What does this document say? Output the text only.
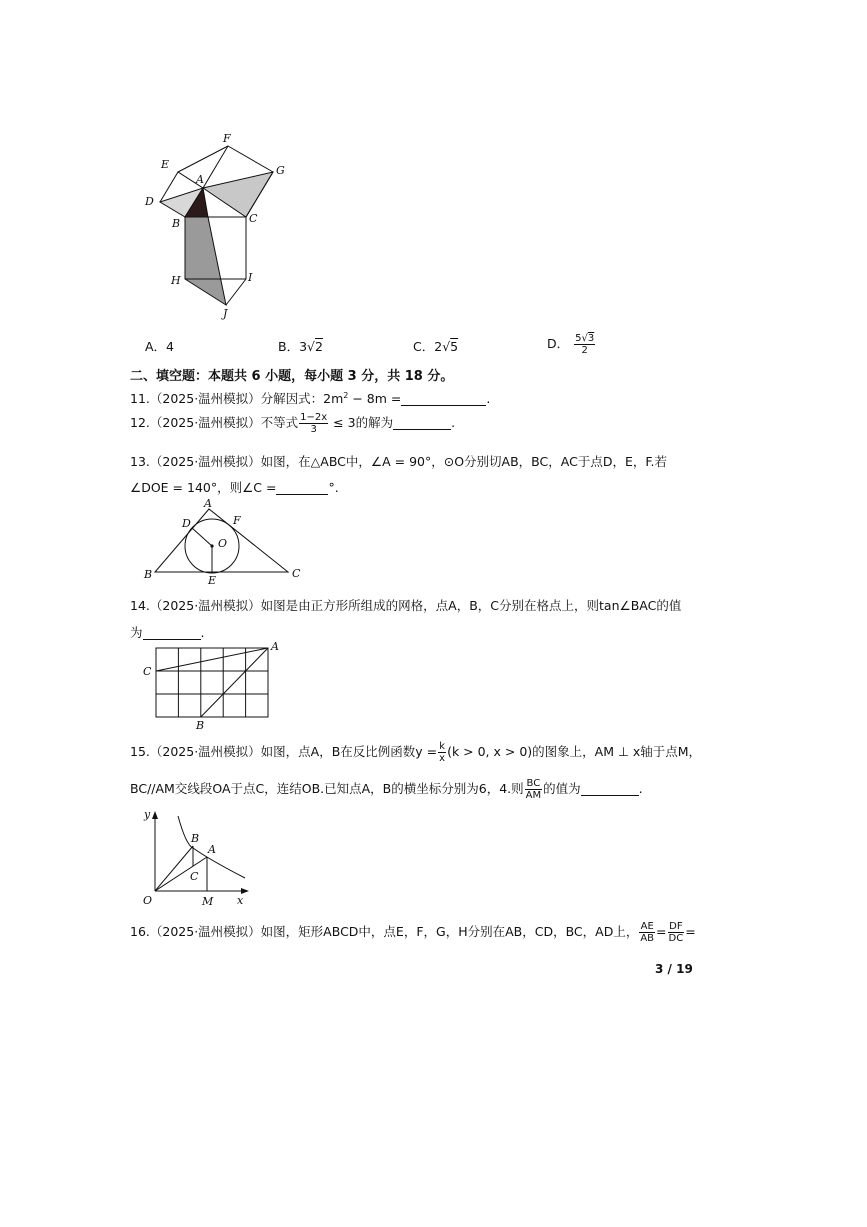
F
E	G
A
D
B	C
H	I
J
A．4	B．3√2	C．2√5	D． $\frac{5√3}{2}$
二、填空题：本题共 6 小题，每小题 3 分，共 18 分。
11.（2025·温州模拟）分解因式：$2m^2 - 8m$ =	.
12.（2025·温州模拟）不等式 $\frac{1-2x}{3} \le 3$的解为	.
13.（2025·温州模拟）如图，在△ABC中，∠A = 90°，⊙O分别切AB，BC，AC于点D，E，F.若
∠DOE = 140°，则∠C =	°.
A
D	F
O
B	E
C
14.（2025·温州模拟）如图是由正方形所组成的网格，点A，B，C分别在格点上，则tan∠BAC的值
为	.
A
B
C
15.（2025·温州模拟）如图，点A，B在反比例函数$y = \frac{k}{x} (k > 0$, x > 0)的图象上，AM ⊥ x轴于点M，
BC//AM交线段OA于点C，连结OB.已知点A，B的横坐标分别为6，4.则 $\frac{BC}{AM}$ 的值为	.
y
x
O
B
A
C
M
16.（2025·温州模拟）如图，矩形ABCD中，点E，F，G，H分别在AB，CD，BC，AD上， $\frac{AE}{AB} = \frac{DF}{DC}$ =
3 / 19
